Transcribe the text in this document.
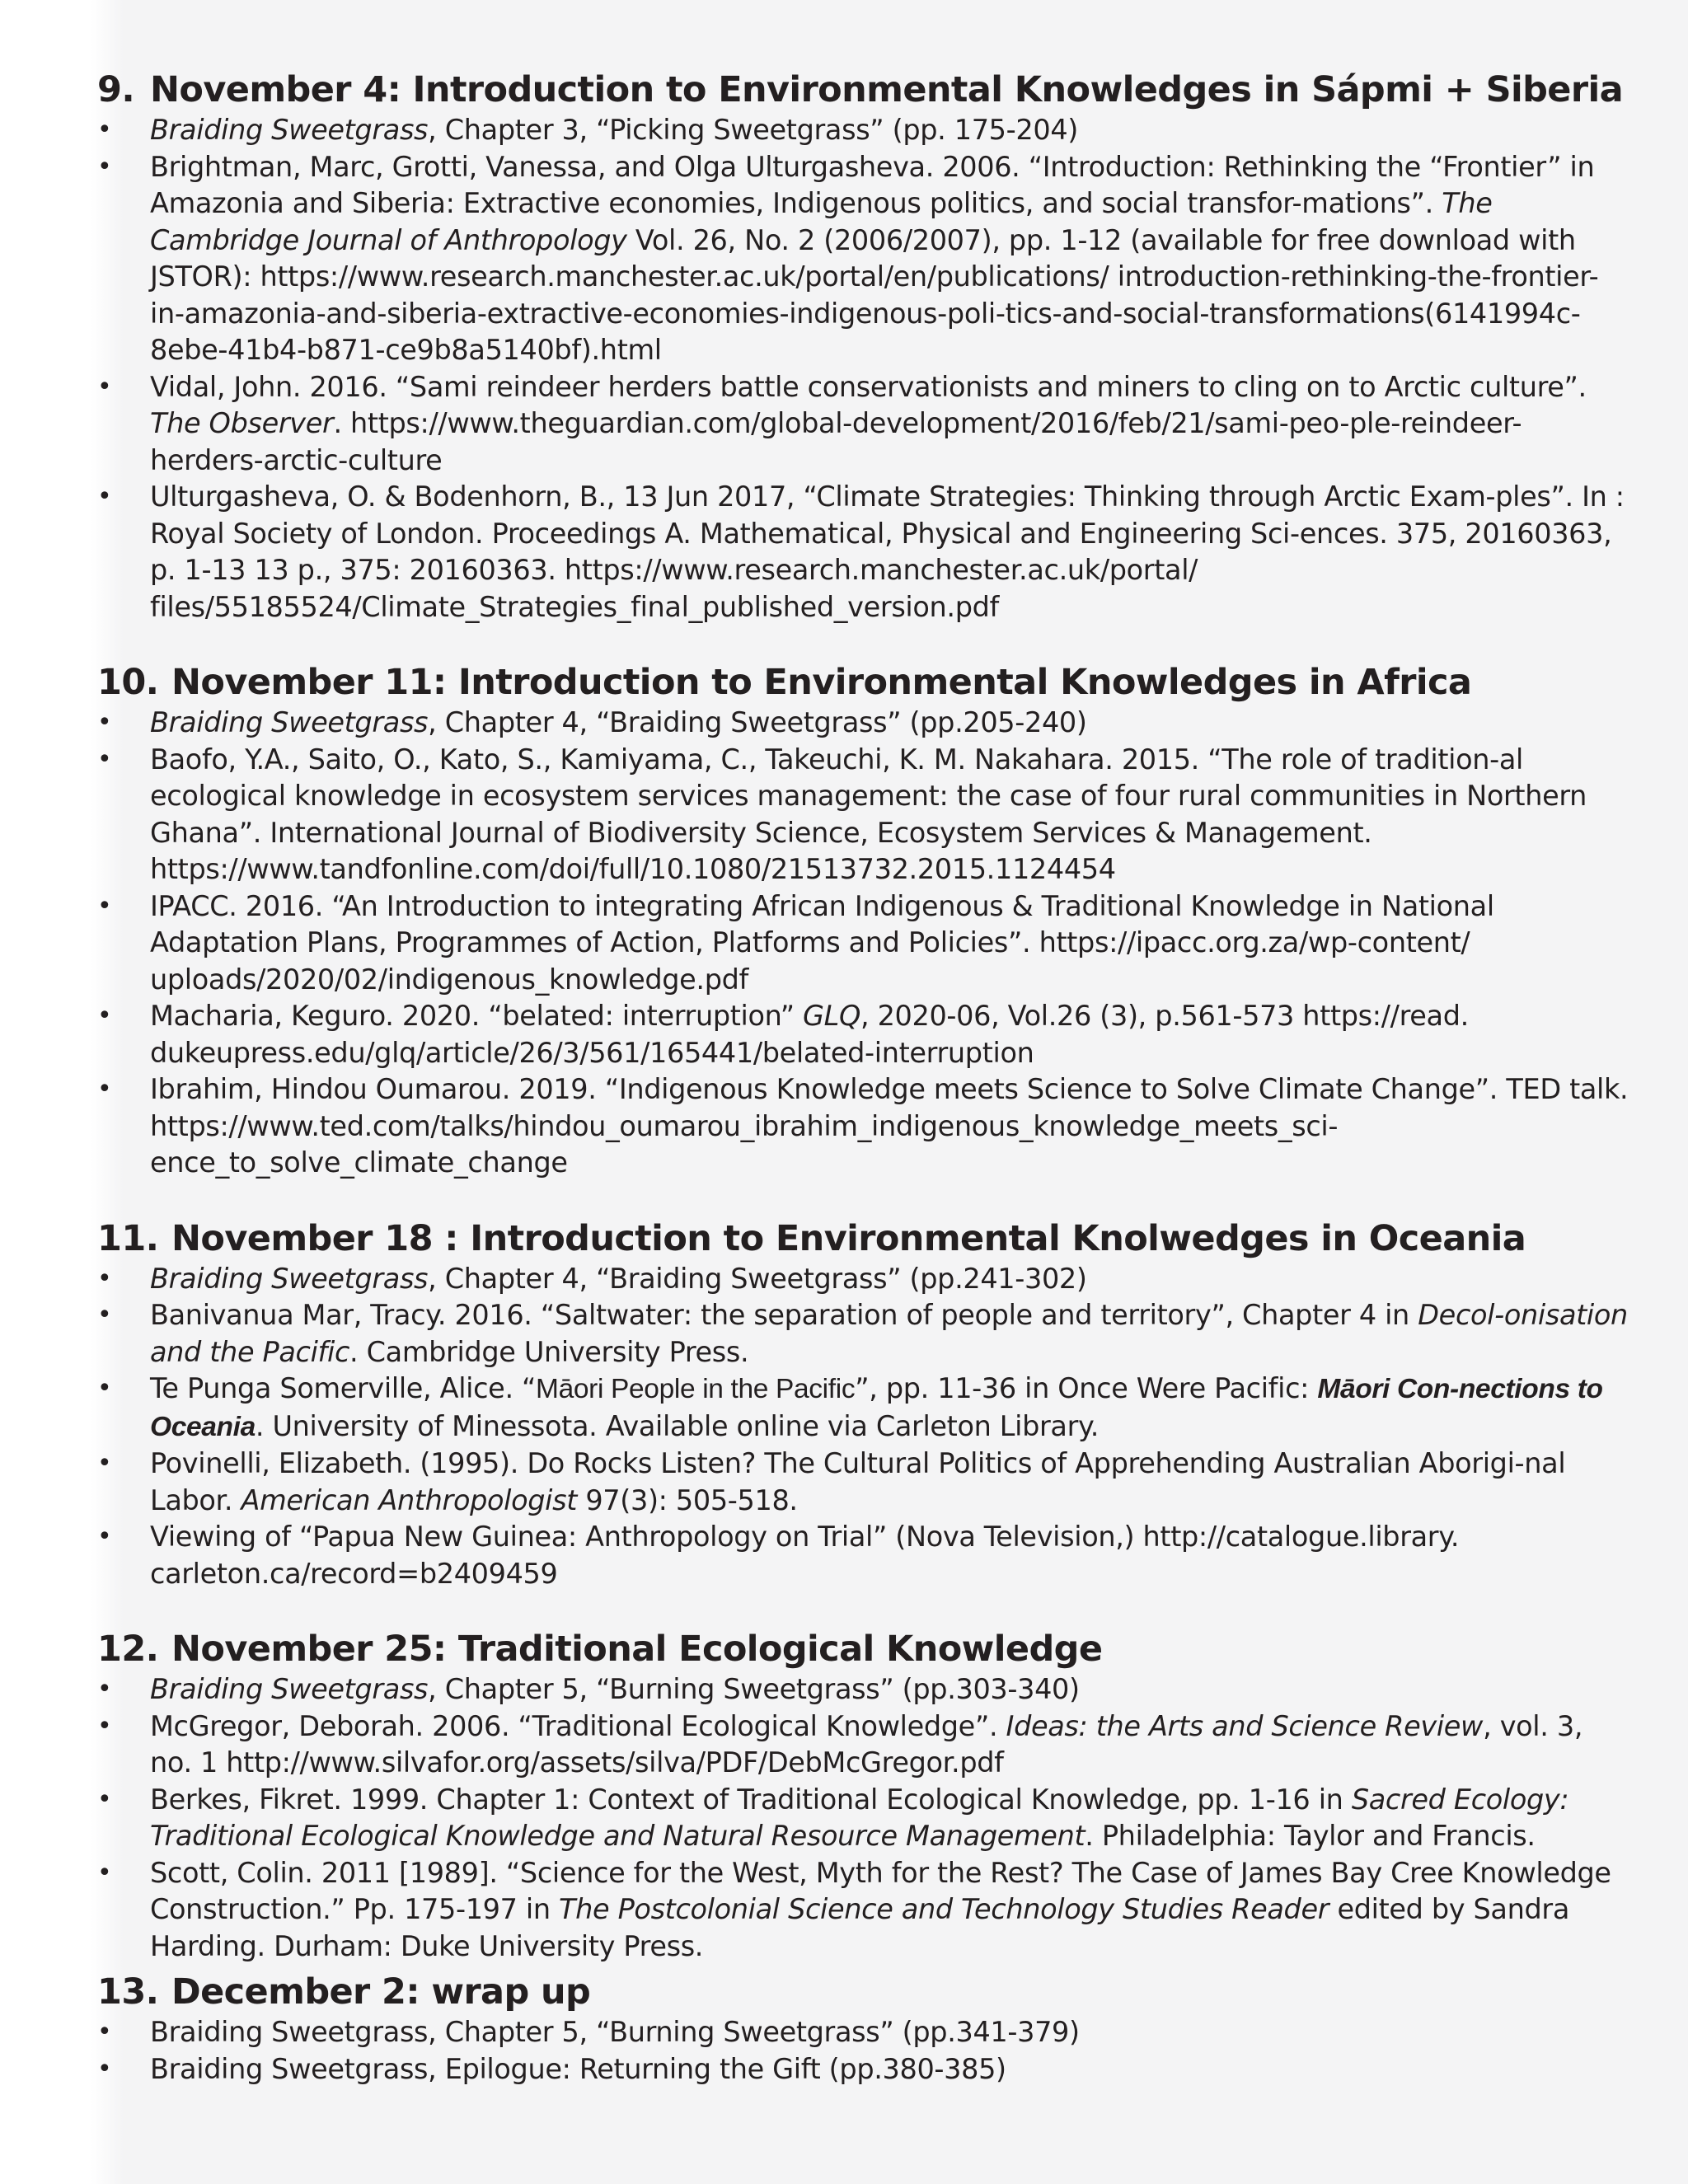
9. November 4: Introduction to Environmental Knowledges in Sápmi + Siberia
• Braiding Sweetgrass, Chapter 3, “Picking Sweetgrass” (pp. 175-204)
• Brightman, Marc, Grotti, Vanessa, and Olga Ulturgasheva. 2006. “Introduction: Rethinking the “Frontier” in Amazonia and Siberia: Extractive economies, Indigenous politics, and social transfor-mations”. The Cambridge Journal of Anthropology Vol. 26, No. 2 (2006/2007), pp. 1-12 (available for free download with JSTOR): https://www.research.manchester.ac.uk/portal/en/publications/ introduction-rethinking-the-frontier-in-amazonia-and-siberia-extractive-economies-indigenous-poli-tics-and-social-transformations(6141994c-8ebe-41b4-b871-ce9b8a5140bf).html
• Vidal, John. 2016. “Sami reindeer herders battle conservationists and miners to cling on to Arctic culture”. The Observer. https://www.theguardian.com/global-development/2016/feb/21/sami-peo-ple-reindeer-herders-arctic-culture
• Ulturgasheva, O. & Bodenhorn, B., 13 Jun 2017, “Climate Strategies: Thinking through Arctic Exam-ples”. In : Royal Society of London. Proceedings A. Mathematical, Physical and Engineering Sci-ences. 375, 20160363, p. 1-13 13 p., 375: 20160363. https://www.research.manchester.ac.uk/portal/ files/55185524/Climate_Strategies_final_published_version.pdf
10. November 11: Introduction to Environmental Knowledges in Africa
• Braiding Sweetgrass, Chapter 4, “Braiding Sweetgrass” (pp.205-240)
• Baofo, Y.A., Saito, O., Kato, S., Kamiyama, C., Takeuchi, K. M. Nakahara. 2015. “The role of tradition-al ecological knowledge in ecosystem services management: the case of four rural communities in Northern Ghana”. International Journal of Biodiversity Science, Ecosystem Services & Management. https://www.tandfonline.com/doi/full/10.1080/21513732.2015.1124454
• IPACC. 2016. “An Introduction to integrating African Indigenous & Traditional Knowledge in National Adaptation Plans, Programmes of Action, Platforms and Policies”. https://ipacc.org.za/wp-content/ uploads/2020/02/indigenous_knowledge.pdf
• Macharia, Keguro. 2020. “belated: interruption” GLQ, 2020-06, Vol.26 (3), p.561-573 https://read. dukeupress.edu/glq/article/26/3/561/165441/belated-interruption
• Ibrahim, Hindou Oumarou. 2019. “Indigenous Knowledge meets Science to Solve Climate Change”. TED talk. https://www.ted.com/talks/hindou_oumarou_ibrahim_indigenous_knowledge_meets_sci-ence_to_solve_climate_change
11. November 18 : Introduction to Environmental Knolwedges in Oceania
• Braiding Sweetgrass, Chapter 4, “Braiding Sweetgrass” (pp.241-302)
• Banivanua Mar, Tracy. 2016. “Saltwater: the separation of people and territory”, Chapter 4 in Decol-onisation and the Pacific. Cambridge University Press.
• Te Punga Somerville, Alice. “Māori People in the Pacific”, pp. 11-36 in Once Were Pacific: Māori Con-nections to Oceania. University of Minessota. Available online via Carleton Library.
• Povinelli, Elizabeth. (1995). Do Rocks Listen? The Cultural Politics of Apprehending Australian Aborigi-nal Labor. American Anthropologist 97(3): 505-518.
• Viewing of “Papua New Guinea: Anthropology on Trial” (Nova Television,) http://catalogue.library. carleton.ca/record=b2409459
12. November 25: Traditional Ecological Knowledge
• Braiding Sweetgrass, Chapter 5, “Burning Sweetgrass” (pp.303-340)
• McGregor, Deborah. 2006. “Traditional Ecological Knowledge”. Ideas: the Arts and Science Review, vol. 3, no. 1 http://www.silvafor.org/assets/silva/PDF/DebMcGregor.pdf
• Berkes, Fikret. 1999. Chapter 1: Context of Traditional Ecological Knowledge, pp. 1-16 in Sacred Ecology: Traditional Ecological Knowledge and Natural Resource Management. Philadelphia: Taylor and Francis.
• Scott, Colin. 2011 [1989]. “Science for the West, Myth for the Rest? The Case of James Bay Cree Knowledge Construction.” Pp. 175-197 in The Postcolonial Science and Technology Studies Reader edited by Sandra Harding. Durham: Duke University Press.
13. December 2: wrap up
• Braiding Sweetgrass, Chapter 5, “Burning Sweetgrass” (pp.341-379)
• Braiding Sweetgrass, Epilogue: Returning the Gift (pp.380-385)
